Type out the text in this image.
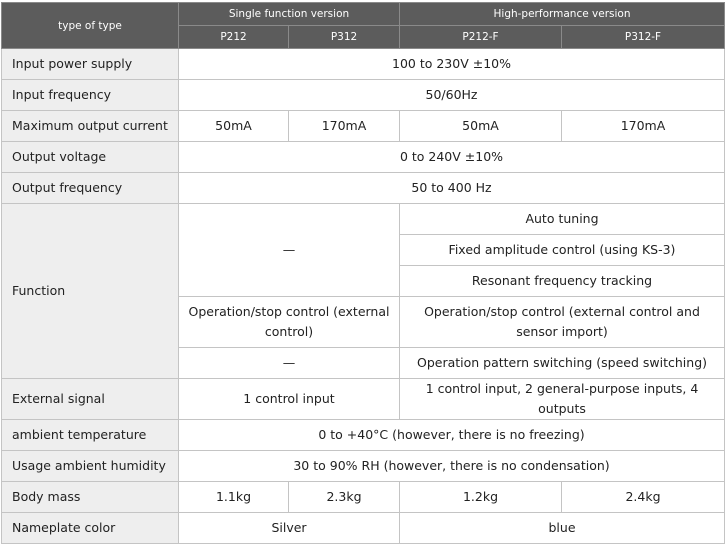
type of type	Single function version		High-performance version	
	P212	P312	P212-F	P312-F
Input power supply	100 to 230V ±10%			
Input frequency	50/60Hz			
Maximum output current	50mA	170mA	50mA	170mA
Output voltage	0 to 240V ±10%			
Output frequency	50 to 400 Hz			
Function	—		Auto tuning	
			Fixed amplitude control (using KS-3)	
			Resonant frequency tracking	
	Operation/stop control (external control)		Operation/stop control (external control and sensor import)	
	—		Operation pattern switching (speed switching)	
External signal	1 control input		1 control input, 2 general-purpose inputs, 4 outputs	
ambient temperature	0 to +40°C (however, there is no freezing)			
Usage ambient humidity	30 to 90% RH (however, there is no condensation)			
Body mass	1.1kg	2.3kg	1.2kg	2.4kg
Nameplate color	Silver		blue	
